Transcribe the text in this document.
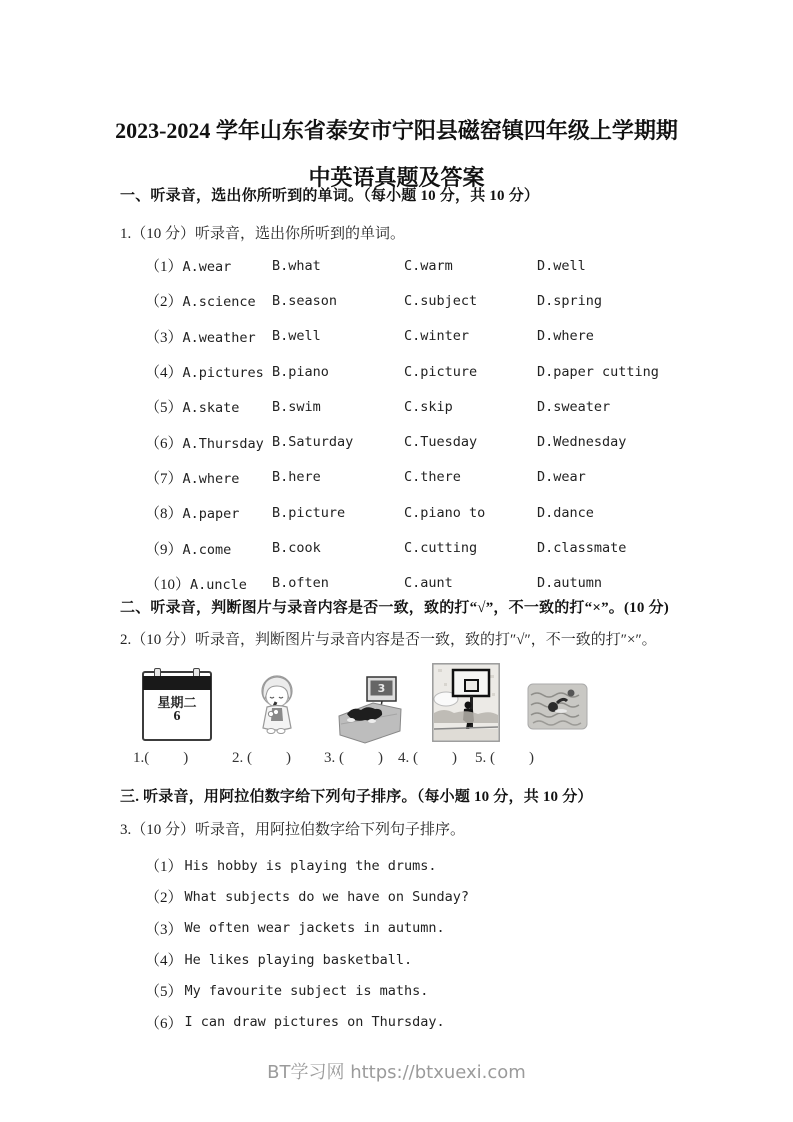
2023-2024 学年山东省泰安市宁阳县磁窑镇四年级上学期期
中英语真题及答案
一、听录音，选出你所听到的单词。（每小题 10 分，共 10 分）
1.（10 分）听录音，选出你所听到的单词。
（1）A.wear	B.what	C.warm	D.well
（2）A.science	B.season	C.subject	D.spring
（3）A.weather	B.well	C.winter	D.where
（4）A.pictures B.piano	C.picture	D.paper cutting
（5）A.skate	B.swim	C.skip	D.sweater
（6）A.Thursday B.Saturday	C.Tuesday	D.Wednesday
（7）A.where	B.here	C.there	D.wear
（8）A.paper	B.picture	C.piano to	D.dance
（9）A.come	B.cook	C.cutting	D.classmate
（10）A.uncle	B.often	C.aunt	D.autumn
二、听录音，判断图片与录音内容是否一致，致的打“√”，不一致的打“×”。(10 分)
2.（10 分）听录音，判断图片与录音内容是否一致，致的打″√″，不一致的打″×″。
星期二
6
3
1.( )	2. ( ) 3. ( ) 4. ( ) 5. ( )
三. 听录音，用阿拉伯数字给下列句子排序。（每小题 10 分，共 10 分）
3.（10 分）听录音，用阿拉伯数字给下列句子排序。
（1） His hobby is playing the drums.
（2） What subjects do we have on Sunday?
（3） We often wear jackets in autumn.
（4） He likes playing basketball.
（5） My favourite subject is maths.
（6） I can draw pictures on Thursday.
BT学习网 https://btxuexi.com
